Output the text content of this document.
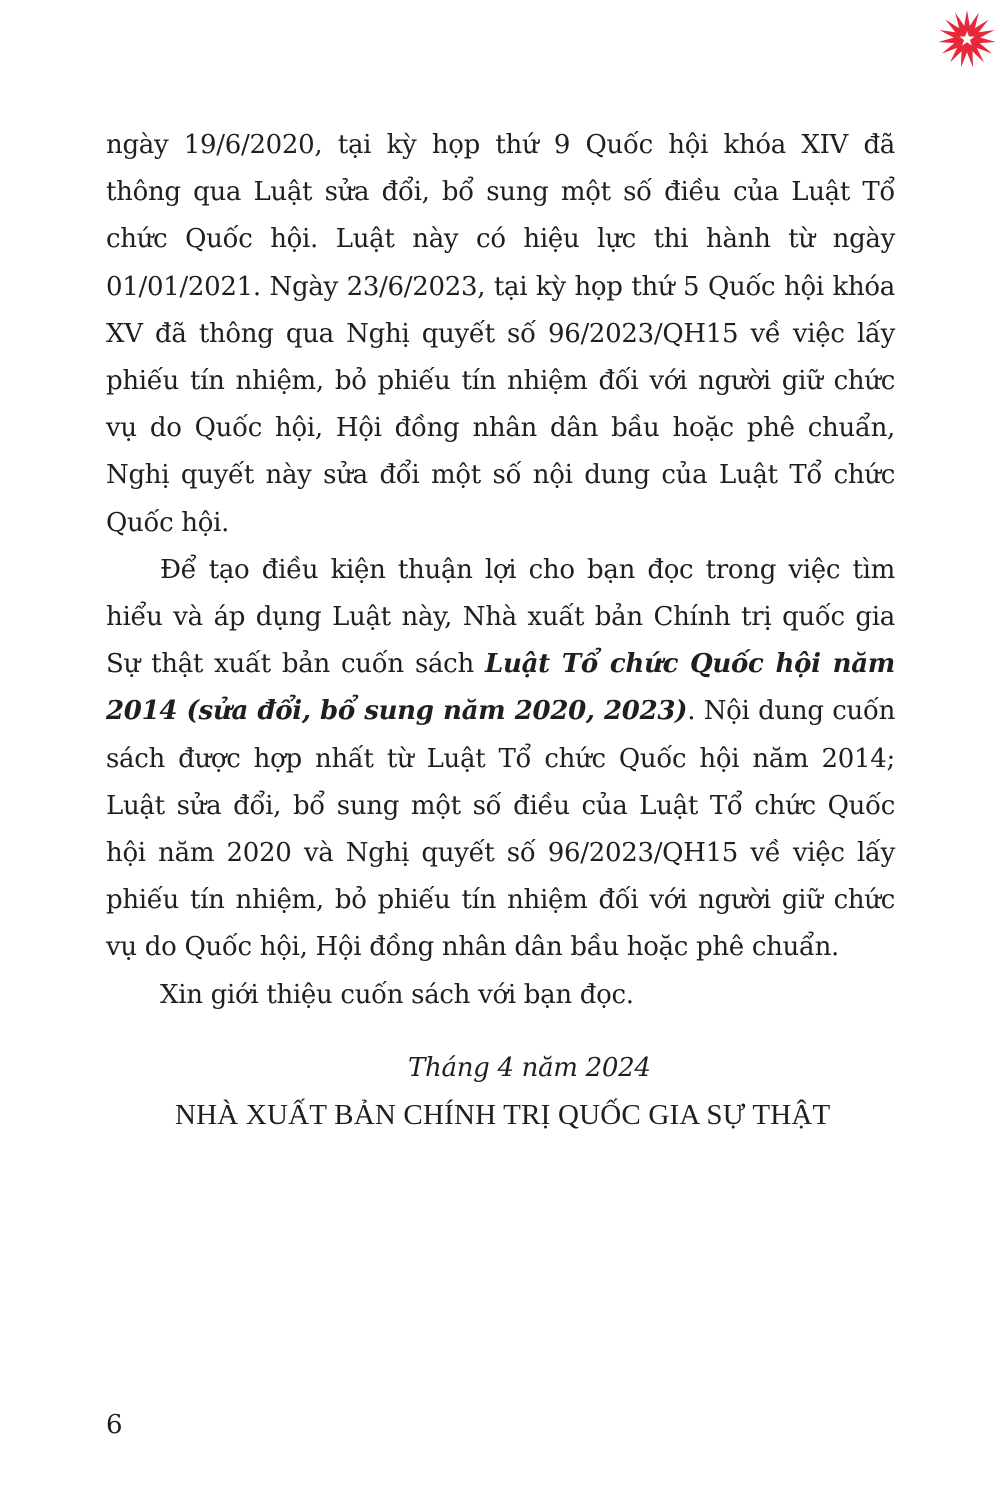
ngày 19/6/2020, tại kỳ họp thứ 9 Quốc hội khóa XIV đã thông qua Luật sửa đổi, bổ sung một số điều của Luật Tổ chức Quốc hội. Luật này có hiệu lực thi hành từ ngày 01/01/2021. Ngày 23/6/2023, tại kỳ họp thứ 5 Quốc hội khóa XV đã thông qua Nghị quyết số 96/2023/QH15 về việc lấy phiếu tín nhiệm, bỏ phiếu tín nhiệm đối với người giữ chức vụ do Quốc hội, Hội đồng nhân dân bầu hoặc phê chuẩn, Nghị quyết này sửa đổi một số nội dung của Luật Tổ chức Quốc hội.

Để tạo điều kiện thuận lợi cho bạn đọc trong việc tìm hiểu và áp dụng Luật này, Nhà xuất bản Chính trị quốc gia Sự thật xuất bản cuốn sách Luật Tổ chức Quốc hội năm 2014 (sửa đổi, bổ sung năm 2020, 2023). Nội dung cuốn sách được hợp nhất từ Luật Tổ chức Quốc hội năm 2014; Luật sửa đổi, bổ sung một số điều của Luật Tổ chức Quốc hội năm 2020 và Nghị quyết số 96/2023/QH15 về việc lấy phiếu tín nhiệm, bỏ phiếu tín nhiệm đối với người giữ chức vụ do Quốc hội, Hội đồng nhân dân bầu hoặc phê chuẩn.

Xin giới thiệu cuốn sách với bạn đọc.

Tháng 4 năm 2024
NHÀ XUẤT BẢN CHÍNH TRỊ QUỐC GIA SỰ THẬT
6
